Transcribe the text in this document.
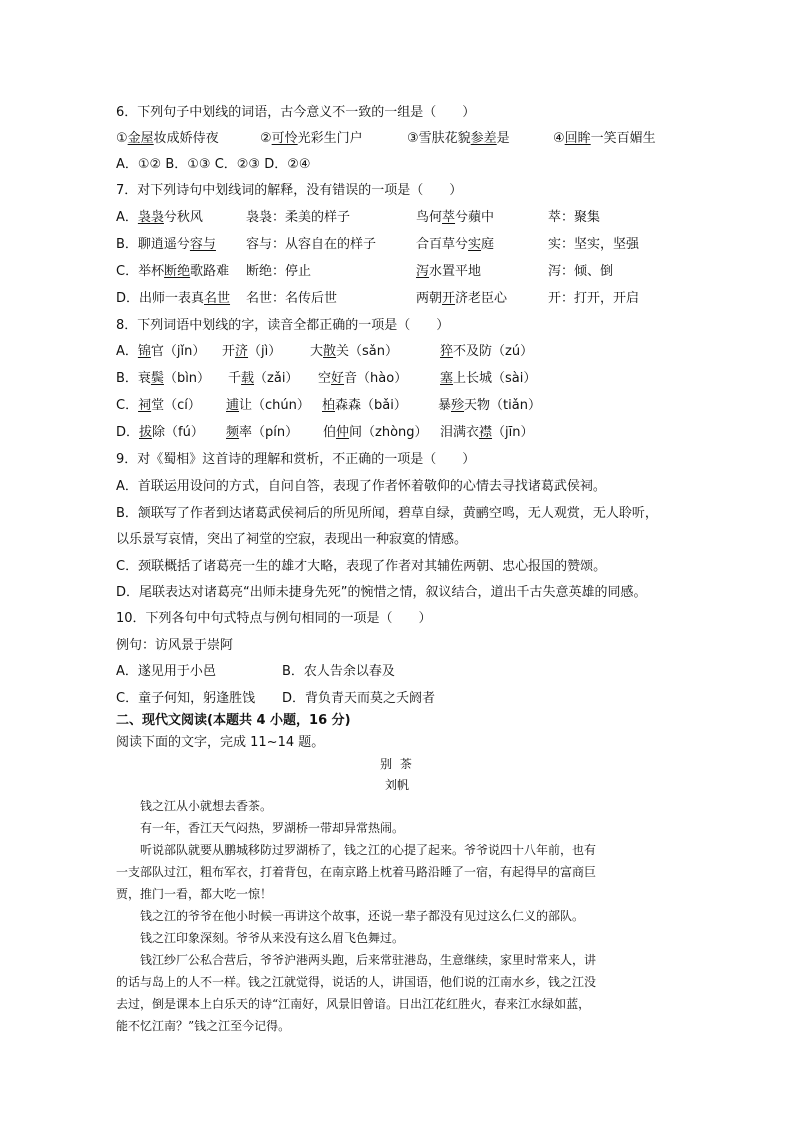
6．下列句子中划线的词语，古今意义不一致的一组是（　　）
①金屋妆成娇侍夜	②可怜光彩生门户	③雪肤花貌参差是	④回眸一笑百媚生
A．①② B．①③ C．②③ D．②④
7．对下列诗句中划线词的解释，没有错误的一项是（　　）
A．袅袅兮秋风	袅袅：柔美的样子	鸟何萃兮蘋中	萃：聚集
B．聊逍遥兮容与 容与：从容自在的样子	合百草兮实庭	实：坚实，坚强
C．举杯断绝歌路难 断绝：停止	泻水置平地	泻：倾、倒
D．出师一表真名世 名世：名传后世	两朝开济老臣心	开：打开，开启
8．下列词语中划线的字，读音全都正确的一项是（　　）
A．锦官（jǐn） 开济（jì） 大散关（sǎn）	猝不及防（zú）
B．衰鬓（bìn） 千载（zǎi） 空好音（hào）	塞上长城（sài）
C．祠堂（cí） 逋让（chún） 柏森森（bǎi） 暴殄天物（tiǎn）
D．拔除（fú） 频率（pín） 伯仲间（zhòng） 泪满衣襟（jīn）
9．对《蜀相》这首诗的理解和赏析，不正确的一项是（　　）
A．首联运用设问的方式，自问自答，表现了作者怀着敬仰的心情去寻找诸葛武侯祠。
B．颔联写了作者到达诸葛武侯祠后的所见所闻，碧草自绿，黄鹂空鸣，无人观赏，无人聆听，
以乐景写哀情，突出了祠堂的空寂，表现出一种寂寞的情感。
C．颈联概括了诸葛亮一生的雄才大略，表现了作者对其辅佐两朝、忠心报国的赞颂。
D．尾联表达对诸葛亮“出师未捷身先死”的惋惜之情，叙议结合，道出千古失意英雄的同感。
10．下列各句中句式特点与例句相同的一项是（　　）
例句：访风景于崇阿
A．遂见用于小邑	B．农人告余以春及
C．童子何知，躬逢胜饯 D．背负青天而莫之夭阏者
二、现代文阅读(本题共 4 小题，16 分)
阅读下面的文字，完成 11~14 题。
别 茶
刘帆
钱之江从小就想去香茶。
有一年，香江天气闷热，罗湖桥一带却异常热闹。
听说部队就要从鹏城移防过罗湖桥了，钱之江的心提了起来。爷爷说四十八年前，也有
一支部队过江，粗布军衣，打着背包，在南京路上枕着马路沿睡了一宿，有起得早的富商巨
贾，推门一看，都大吃一惊！
钱之江的爷爷在他小时候一再讲这个故事，还说一辈子都没有见过这么仁义的部队。
钱之江印象深刻。爷爷从来没有这么眉飞色舞过。
钱江纱厂公私合营后，爷爷沪港两头跑，后来常驻港岛，生意继续，家里时常来人，讲
的话与岛上的人不一样。钱之江就觉得，说话的人，讲国语，他们说的江南水乡，钱之江没
去过，倒是课本上白乐天的诗“江南好，风景旧曾谙。日出江花红胜火，春来江水绿如蓝，
能不忆江南？”钱之江至今记得。
